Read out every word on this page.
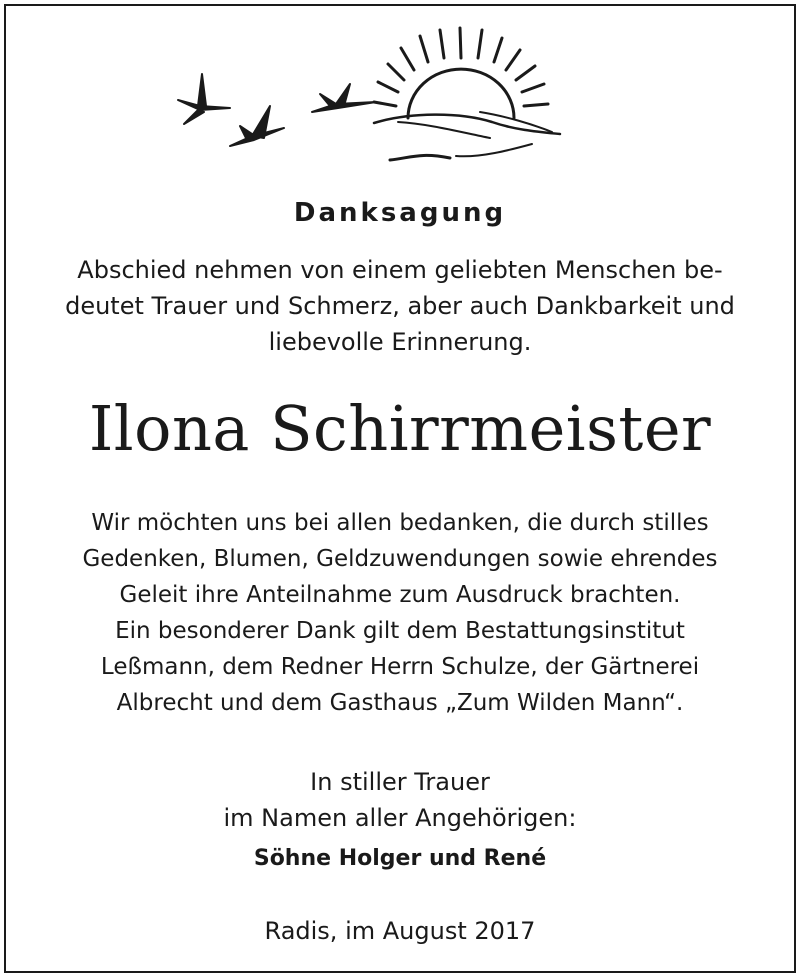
Danksagung
Abschied nehmen von einem geliebten Menschen be-
deutet Trauer und Schmerz, aber auch Dankbarkeit und
liebevolle Erinnerung.
Ilona Schirrmeister
Wir möchten uns bei allen bedanken, die durch stilles
Gedenken, Blumen, Geldzuwendungen sowie ehrendes
Geleit ihre Anteilnahme zum Ausdruck brachten.
Ein besonderer Dank gilt dem Bestattungsinstitut
Leßmann, dem Redner Herrn Schulze, der Gärtnerei
Albrecht und dem Gasthaus „Zum Wilden Mann“.
In stiller Trauer
im Namen aller Angehörigen:
Söhne Holger und René
Radis, im August 2017
